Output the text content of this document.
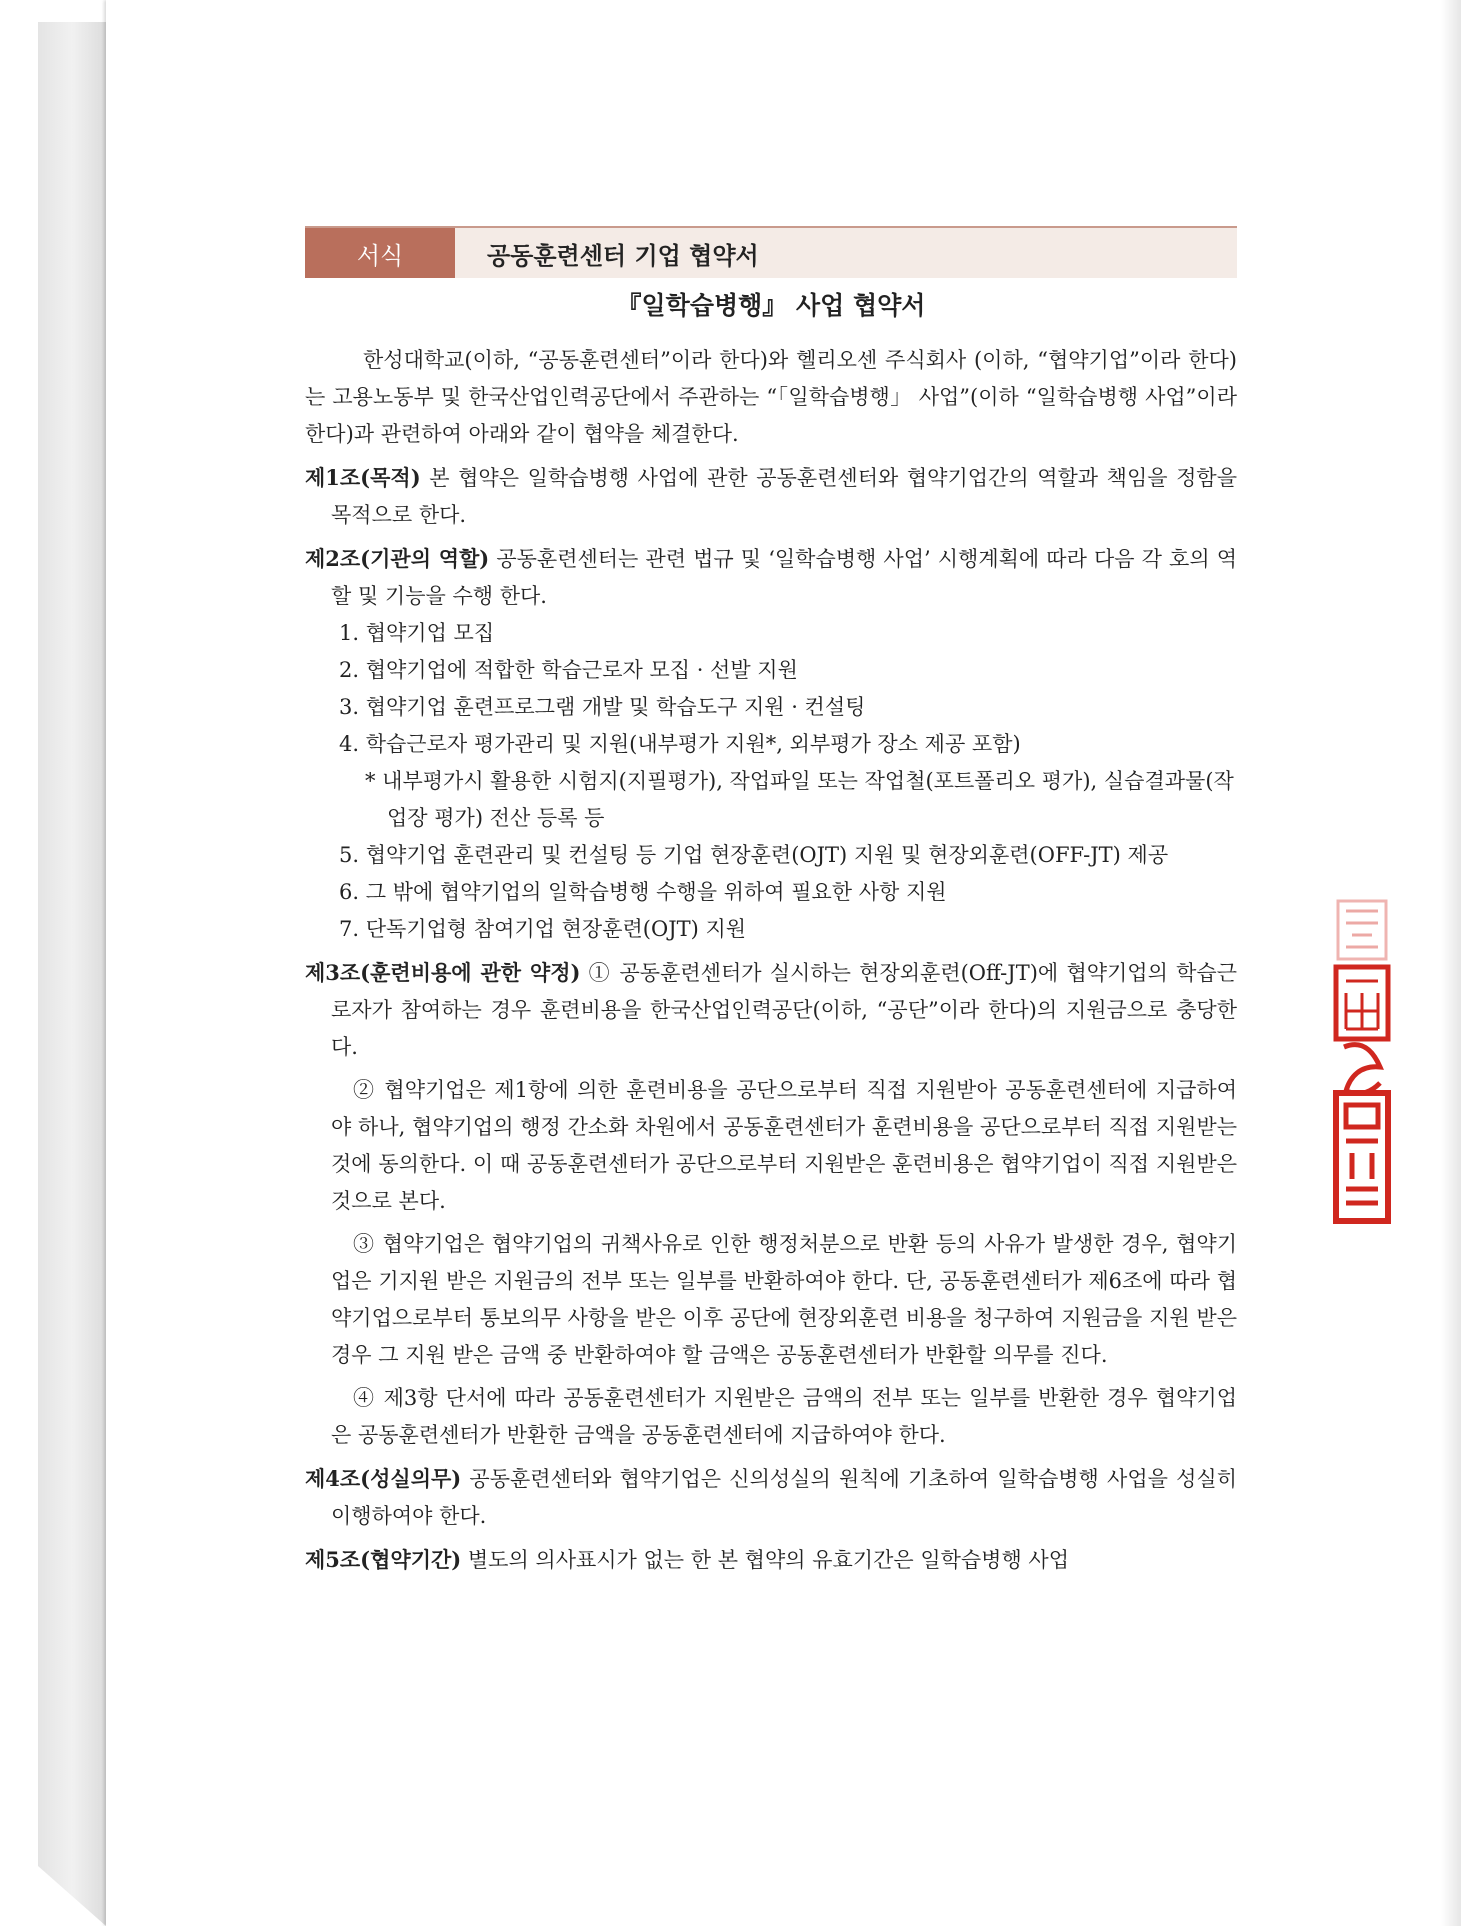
서식	공동훈련센터 기업 협약서
『일학습병행』 사업 협약서

한성대학교(이하, “공동훈련센터”이라 한다)와 헬리오센 주식회사 (이하, “협약기업”이라 한다)는 고용노동부 및 한국산업인력공단에서 주관하는 “「일학습병행」 사업”(이하 “일학습병행 사업”이라 한다)과 관련하여 아래와 같이 협약을 체결한다.

제1조(목적) 본 협약은 일학습병행 사업에 관한 공동훈련센터와 협약기업간의 역할과 책임을 정함을 목적으로 한다.

제2조(기관의 역할) 공동훈련센터는 관련 법규 및 ‘일학습병행 사업’ 시행계획에 따라 다음 각 호의 역할 및 기능을 수행 한다.

1. 협약기업 모집
2. 협약기업에 적합한 학습근로자 모집 · 선발 지원
3. 협약기업 훈련프로그램 개발 및 학습도구 지원 · 컨설팅
4. 학습근로자 평가관리 및 지원(내부평가 지원*, 외부평가 장소 제공 포함)
* 내부평가시 활용한 시험지(지필평가), 작업파일 또는 작업철(포트폴리오 평가), 실습결과물(작업장 평가) 전산 등록 등
5. 협약기업 훈련관리 및 컨설팅 등 기업 현장훈련(OJT) 지원 및 현장외훈련(OFF-JT) 제공
6. 그 밖에 협약기업의 일학습병행 수행을 위하여 필요한 사항 지원
7. 단독기업형 참여기업 현장훈련(OJT) 지원

제3조(훈련비용에 관한 약정) ① 공동훈련센터가 실시하는 현장외훈련(Off-JT)에 협약기업의 학습근로자가 참여하는 경우 훈련비용을 한국산업인력공단(이하, “공단”이라 한다)의 지원금으로 충당한다.

② 협약기업은 제1항에 의한 훈련비용을 공단으로부터 직접 지원받아 공동훈련센터에 지급하여야 하나, 협약기업의 행정 간소화 차원에서 공동훈련센터가 훈련비용을 공단으로부터 직접 지원받는 것에 동의한다. 이 때 공동훈련센터가 공단으로부터 지원받은 훈련비용은 협약기업이 직접 지원받은 것으로 본다.

③ 협약기업은 협약기업의 귀책사유로 인한 행정처분으로 반환 등의 사유가 발생한 경우, 협약기업은 기지원 받은 지원금의 전부 또는 일부를 반환하여야 한다. 단, 공동훈련센터가 제6조에 따라 협약기업으로부터 통보의무 사항을 받은 이후 공단에 현장외훈련 비용을 청구하여 지원금을 지원 받은 경우 그 지원 받은 금액 중 반환하여야 할 금액은 공동훈련센터가 반환할 의무를 진다.

④ 제3항 단서에 따라 공동훈련센터가 지원받은 금액의 전부 또는 일부를 반환한 경우 협약기업은 공동훈련센터가 반환한 금액을 공동훈련센터에 지급하여야 한다.

제4조(성실의무) 공동훈련센터와 협약기업은 신의성실의 원칙에 기초하여 일학습병행 사업을 성실히 이행하여야 한다.

제5조(협약기간) 별도의 의사표시가 없는 한 본 협약의 유효기간은 일학습병행 사업
